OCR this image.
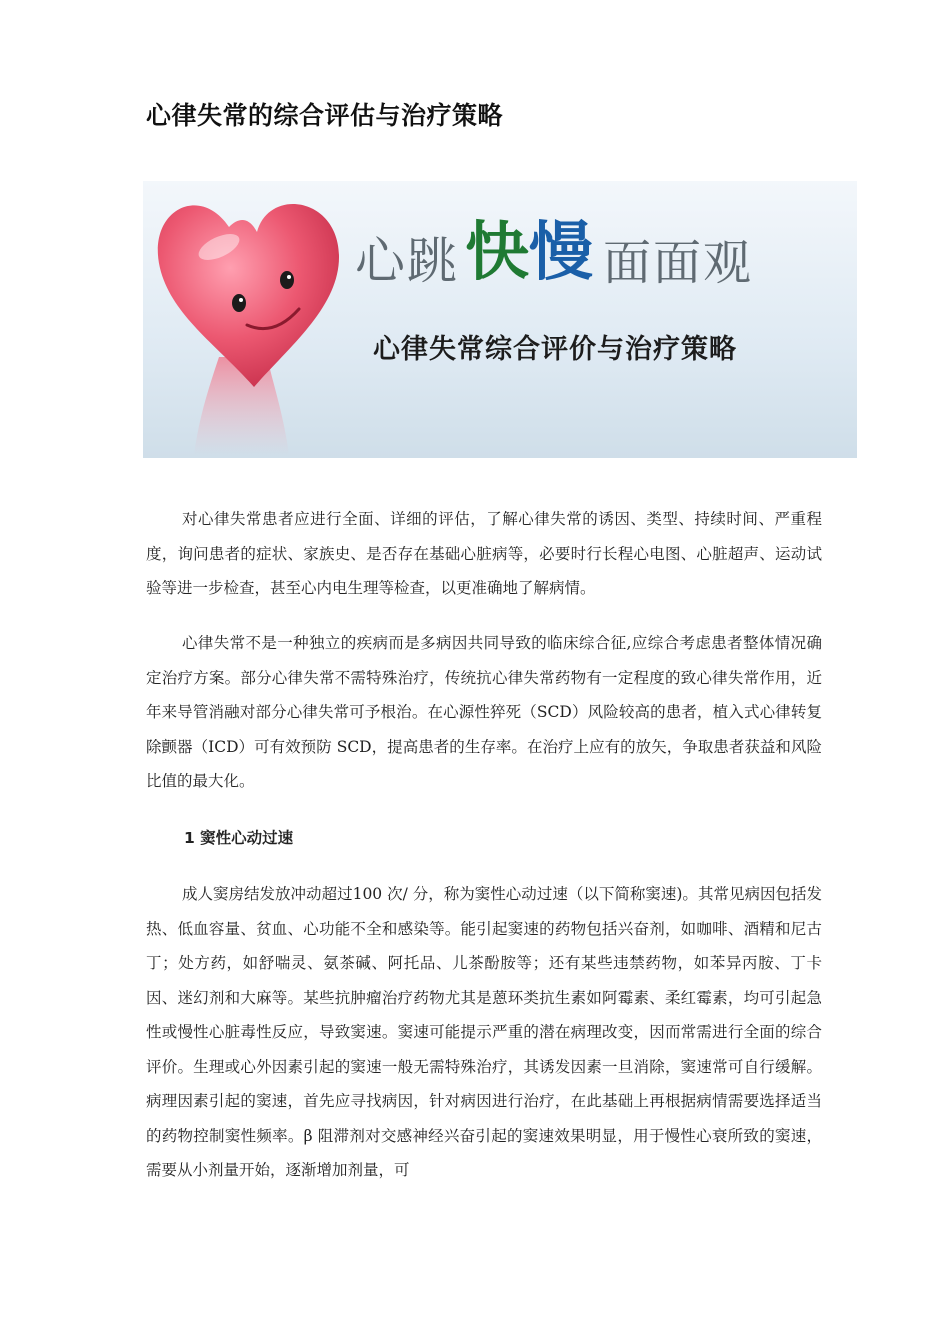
心律失常的综合评估与治疗策略
心跳 快 慢 面面观
心律失常综合评价与治疗策略

对心律失常患者应进行全面、详细的评估，了解心律失常的诱因、类型、持续时间、严重程度，询问患者的症状、家族史、是否存在基础心脏病等，必要时行长程心电图、心脏超声、运动试验等进一步检查，甚至心内电生理等检查，以更准确地了解病情。

心律失常不是一种独立的疾病而是多病因共同导致的临床综合征,应综合考虑患者整体情况确定治疗方案。部分心律失常不需特殊治疗，传统抗心律失常药物有一定程度的致心律失常作用，近年来导管消融对部分心律失常可予根治。在心源性猝死（SCD）风险较高的患者，植入式心律转复除颤器（ICD）可有效预防 SCD，提高患者的生存率。在治疗上应有的放矢，争取患者获益和风险比值的最大化。

1 窦性心动过速

成人窦房结发放冲动超过100 次/ 分，称为窦性心动过速（以下简称窦速)。其常见病因包括发热、低血容量、贫血、心功能不全和感染等。能引起窦速的药物包括兴奋剂，如咖啡、酒精和尼古丁；处方药，如舒喘灵、氨茶碱、阿托品、儿茶酚胺等；还有某些违禁药物，如苯异丙胺、丁卡因、迷幻剂和大麻等。某些抗肿瘤治疗药物尤其是蒽环类抗生素如阿霉素、柔红霉素，均可引起急性或慢性心脏毒性反应，导致窦速。窦速可能提示严重的潜在病理改变，因而常需进行全面的综合评价。生理或心外因素引起的窦速一般无需特殊治疗，其诱发因素一旦消除，窦速常可自行缓解。病理因素引起的窦速，首先应寻找病因，针对病因进行治疗，在此基础上再根据病情需要选择适当的药物控制窦性频率。β 阻滞剂对交感神经兴奋引起的窦速效果明显，用于慢性心衰所致的窦速，需要从小剂量开始，逐渐增加剂量，可
